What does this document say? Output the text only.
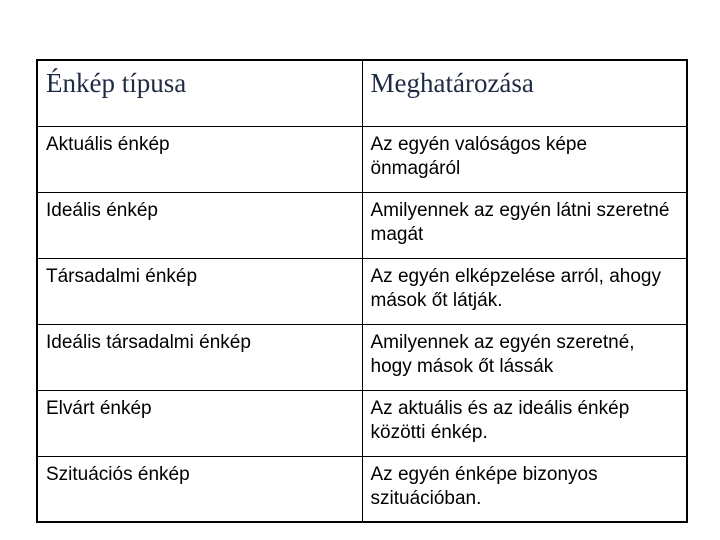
Énkép típusa	Meghatározása
Aktuális énkép	Az egyén valóságos képe önmagáról
Ideális énkép	Amilyennek az egyén látni szeretné magát
Társadalmi énkép	Az egyén elképzelése arról, ahogy mások őt látják.
Ideális társadalmi énkép	Amilyennek az egyén szeretné, hogy mások őt lássák
Elvárt énkép	Az aktuális és az ideális énkép közötti énkép.
Szituációs énkép	Az egyén énképe bizonyos szituációban.
